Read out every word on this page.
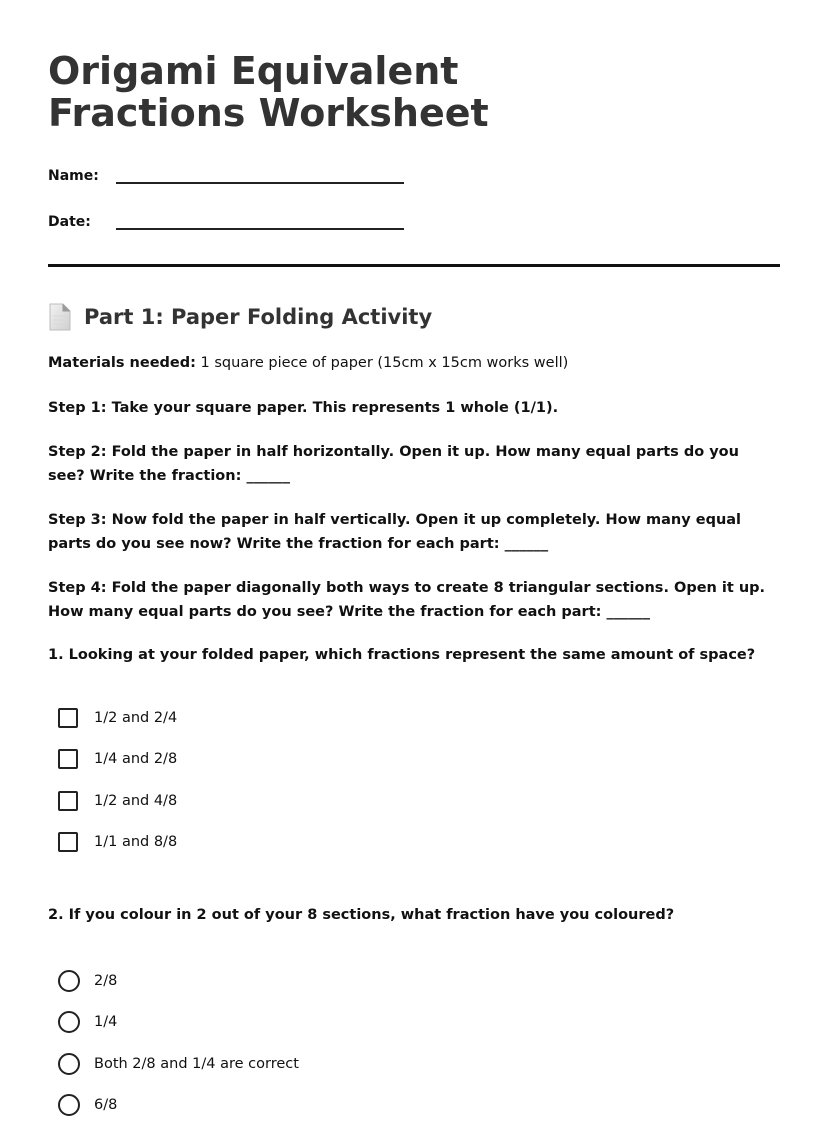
Origami Equivalent Fractions Worksheet
Name:
Date:
Part 1: Paper Folding Activity

Materials needed: 1 square piece of paper (15cm x 15cm works well)

Step 1: Take your square paper. This represents 1 whole (1/1).

Step 2: Fold the paper in half horizontally. Open it up. How many equal parts do you see? Write the fraction: ______

Step 3: Now fold the paper in half vertically. Open it up completely. How many equal parts do you see now? Write the fraction for each part: ______

Step 4: Fold the paper diagonally both ways to create 8 triangular sections. Open it up. How many equal parts do you see? Write the fraction for each part: ______

1. Looking at your folded paper, which fractions represent the same amount of space?

1/2 and 2/4
1/4 and 2/8
1/2 and 4/8
1/1 and 8/8

2. If you colour in 2 out of your 8 sections, what fraction have you coloured?

2/8
1/4
Both 2/8 and 1/4 are correct
6/8
